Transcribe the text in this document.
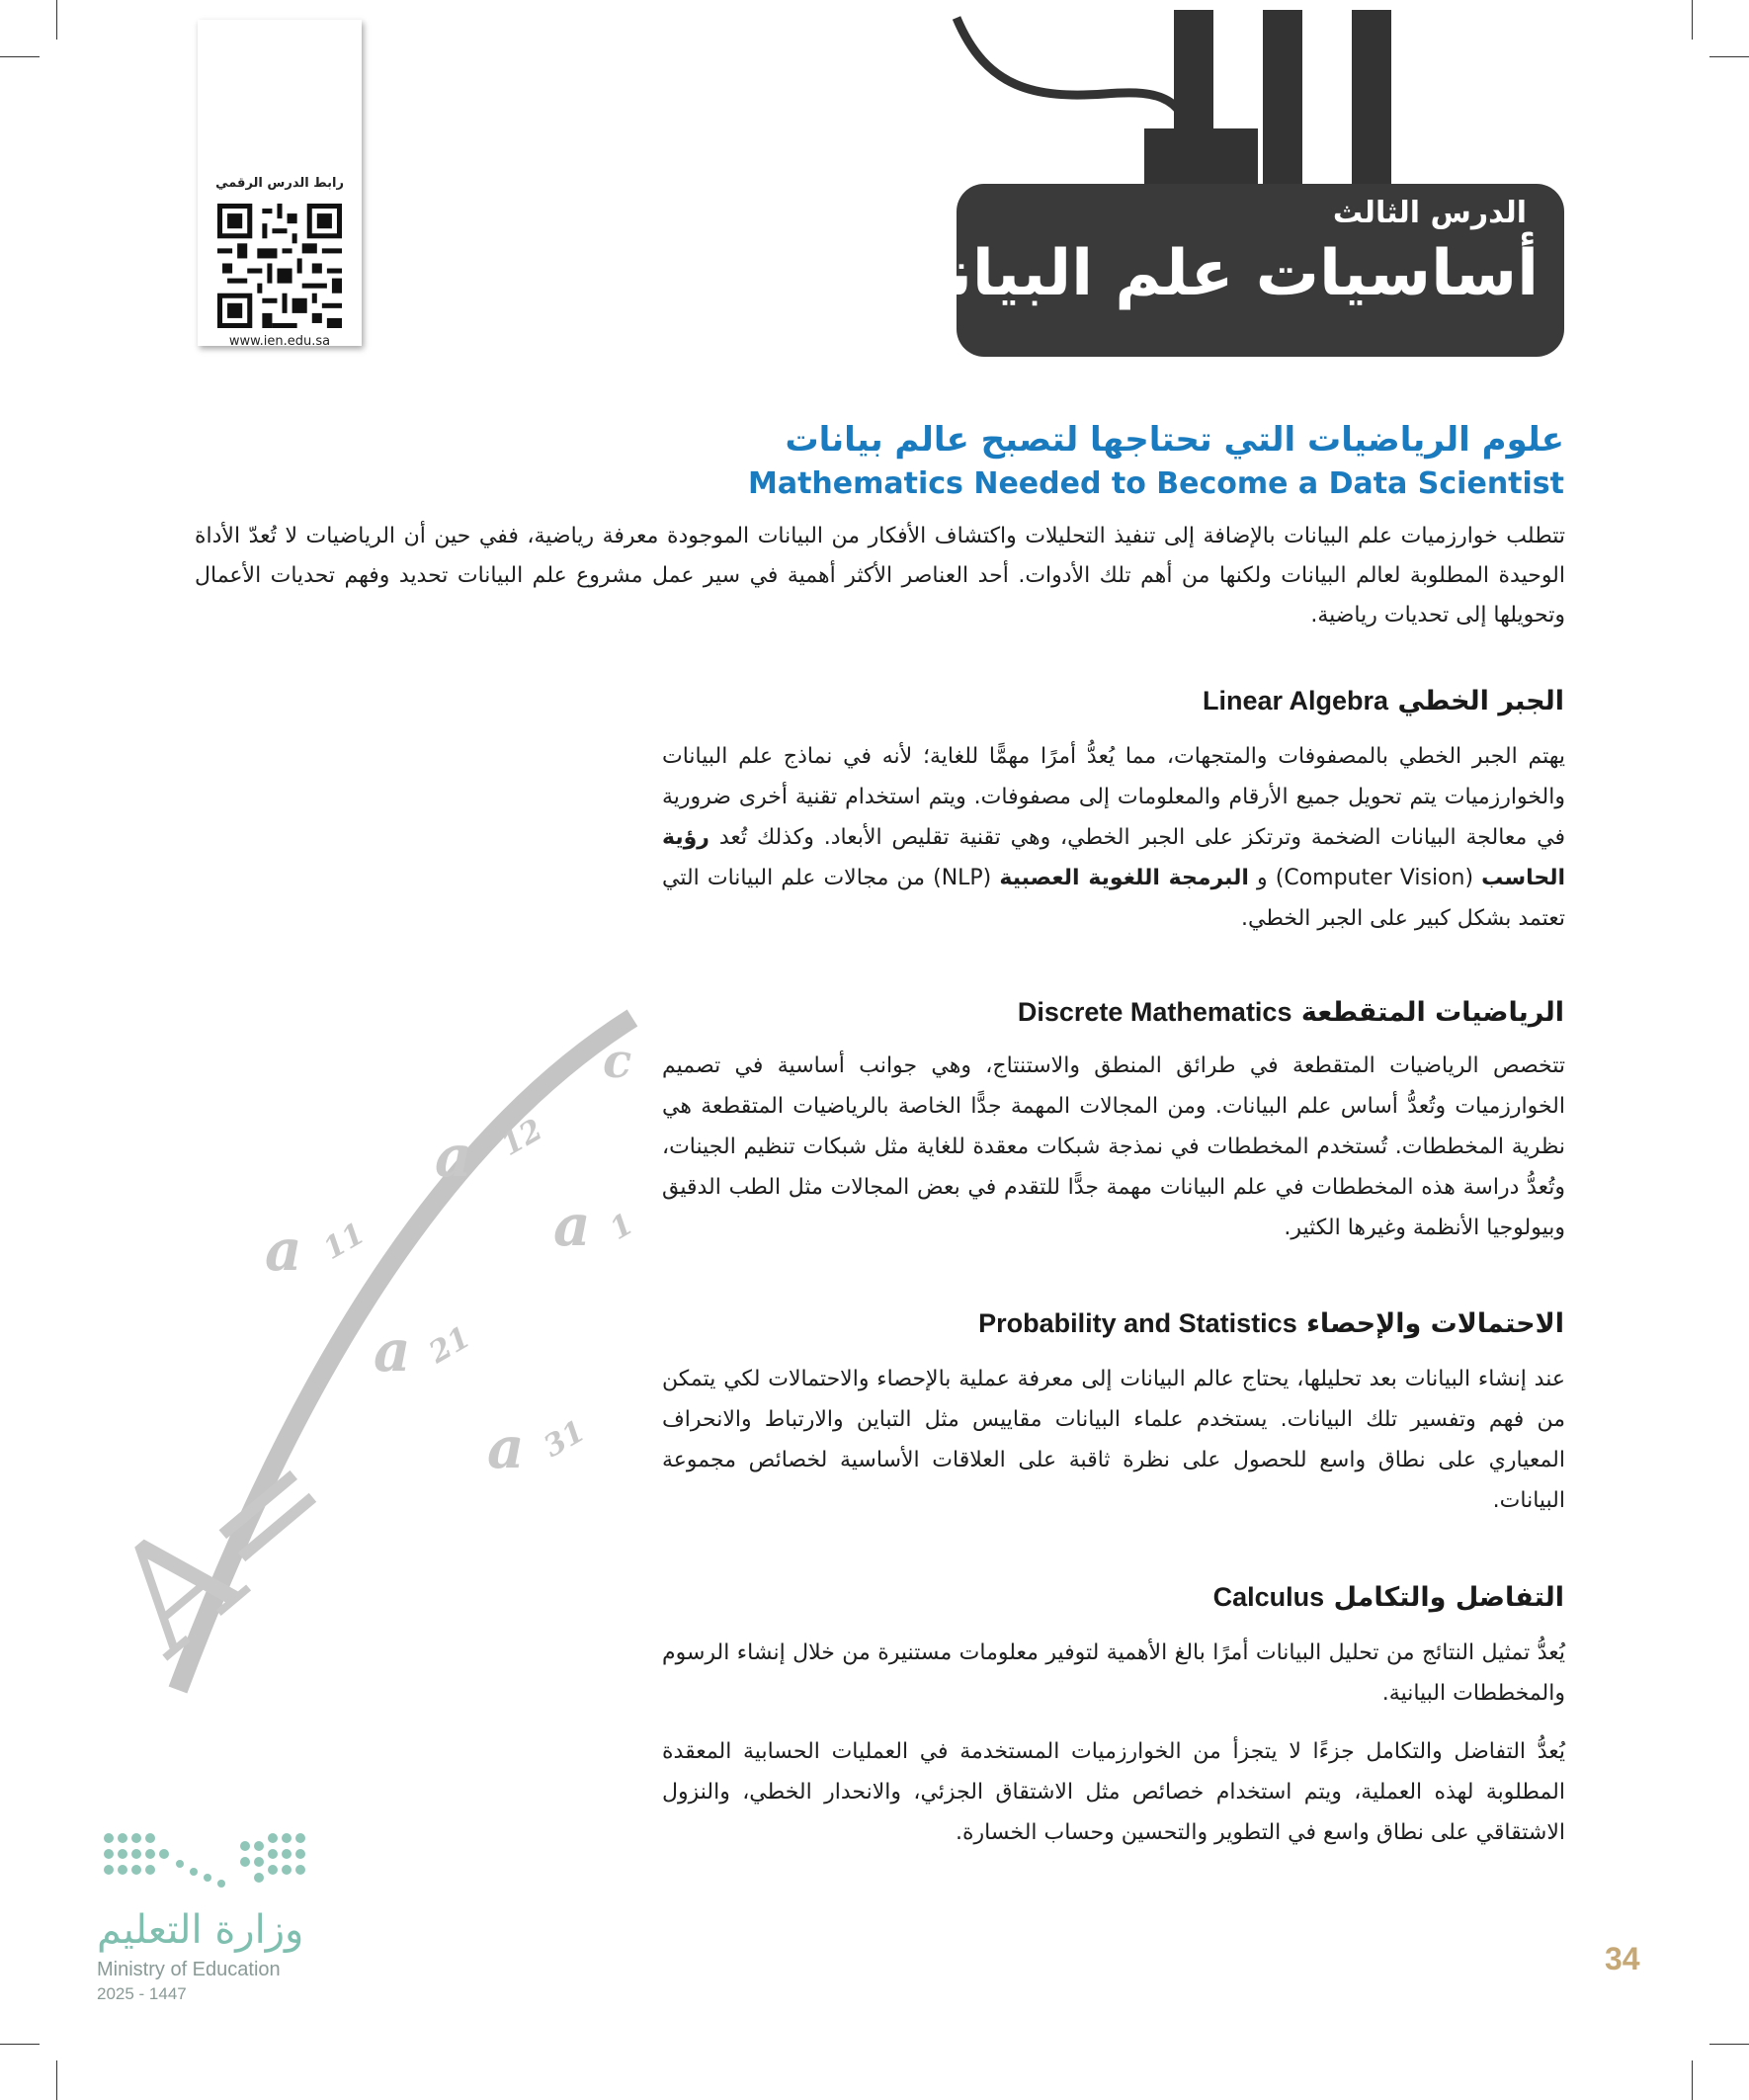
رابط الدرس الرقمي
www.ien.edu.sa
الدرس الثالث
أساسيات علم البيانات
علوم الرياضيات التي تحتاجها لتصبح عالم بيانات
Mathematics Needed to Become a Data Scientist
تتطلب خوارزميات علم البيانات بالإضافة إلى تنفيذ التحليلات واكتشاف الأفكار من البيانات الموجودة معرفة رياضية، ففي حين أن الرياضيات لا تُعدّ الأداة الوحيدة المطلوبة لعالم البيانات ولكنها من أهم تلك الأدوات. أحد العناصر الأكثر أهمية في سير عمل مشروع علم البيانات تحديد وفهم تحديات الأعمال وتحويلها إلى تحديات رياضية.
الجبر الخطي Linear Algebra
يهتم الجبر الخطي بالمصفوفات والمتجهات، مما يُعدُّ أمرًا مهمًّا للغاية؛ لأنه في نماذج علم البيانات والخوارزميات يتم تحويل جميع الأرقام والمعلومات إلى مصفوفات. ويتم استخدام تقنية أخرى ضرورية في معالجة البيانات الضخمة وترتكز على الجبر الخطي، وهي تقنية تقليص الأبعاد. وكذلك تُعد رؤية الحاسب (Computer Vision) و البرمجة اللغوية العصبية (NLP) من مجالات علم البيانات التي تعتمد بشكل كبير على الجبر الخطي.
الرياضيات المتقطعة Discrete Mathematics
تتخصص الرياضيات المتقطعة في طرائق المنطق والاستنتاج، وهي جوانب أساسية في تصميم الخوارزميات وتُعدُّ أساس علم البيانات. ومن المجالات المهمة جدًّا الخاصة بالرياضيات المتقطعة هي نظرية المخططات. تُستخدم المخططات في نمذجة شبكات معقدة للغاية مثل شبكات تنظيم الجينات، وتُعدُّ دراسة هذه المخططات في علم البيانات مهمة جدًّا للتقدم في بعض المجالات مثل الطب الدقيق وبيولوجيا الأنظمة وغيرها الكثير.
الاحتمالات والإحصاء Probability and Statistics
عند إنشاء البيانات بعد تحليلها، يحتاج عالم البيانات إلى معرفة عملية بالإحصاء والاحتمالات لكي يتمكن من فهم وتفسير تلك البيانات. يستخدم علماء البيانات مقاييس مثل التباين والارتباط والانحراف المعياري على نطاق واسع للحصول على نظرة ثاقبة على العلاقات الأساسية لخصائص مجموعة البيانات.
التفاضل والتكامل Calculus
يُعدُّ تمثيل النتائج من تحليل البيانات أمرًا بالغ الأهمية لتوفير معلومات مستنيرة من خلال إنشاء الرسوم والمخططات البيانية.
يُعدُّ التفاضل والتكامل جزءًا لا يتجزأ من الخوارزميات المستخدمة في العمليات الحسابية المعقدة المطلوبة لهذه العملية، ويتم استخدام خصائص مثل الاشتقاق الجزئي، والانحدار الخطي، والنزول الاشتقاقي على نطاق واسع في التطوير والتحسين وحساب الخسارة.
c
a 12
a 11	a 1
a 21
a 31
A=
وزارة التعليم
Ministry of Education
2025 - 1447
34
